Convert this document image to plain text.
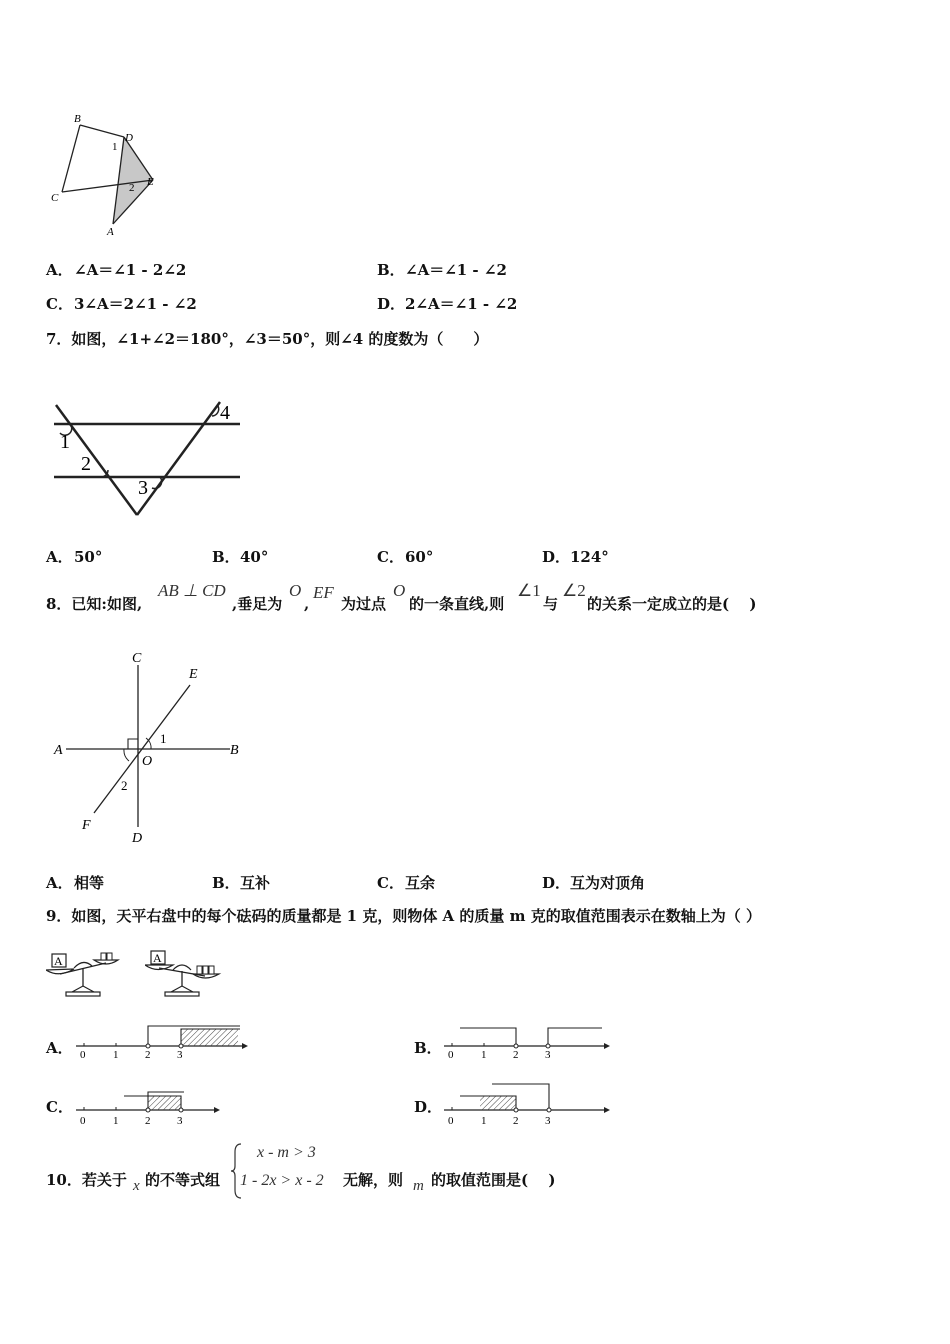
B
D
1
C
E
2
A
A． ∠A＝∠1 - 2∠2	B． ∠A＝∠1 - ∠2
C． 3∠A＝2∠1 - ∠2	D． 2∠A＝∠1 - ∠2
7．如图，∠1+∠2＝180°，∠3＝50°，则∠4 的度数为（　　）
1
2
3
4
A． 50°	B． 40°	C． 60°	D． 124°
8．已知:如图,
AB ⊥ CD
,垂足为
O
,
EF
为过点
O
的一条直线,则
∠1
与
∠2
的关系一定成立的是(　 )
C
E
A	B
O
1
2
F
D
A． 相等	B． 互补	C． 互余	D． 互为对顶角
9．如图，天平右盘中的每个砝码的质量都是 1 克，则物体 A 的质量 m 克的取值范围表示在数轴上为（ ）
A	A
A． 0	1 2 3	B． 0	1 2 3
C．
0	1 2 3
D．
0	1 2 3
10．若关于 x 的不等式组
x - m > 3
1 - 2x > x - 2 无解，则 m 的取值范围是(　 )
